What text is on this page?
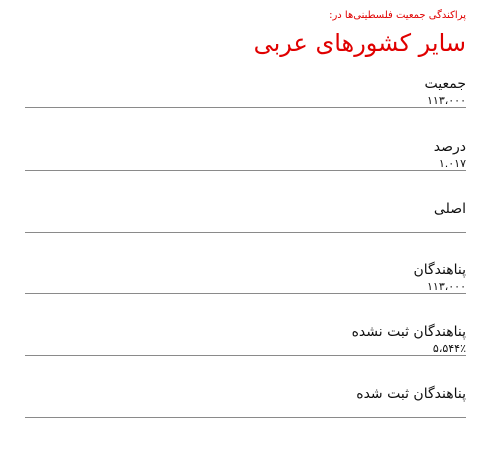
پراکندگی جمعیت فلسطینی‌ها در:
سایر کشورهای عربی
جمعیت
۱۱۳،۰۰۰
درصد
۱.۰۱۷
اصلی
پناهندگان
۱۱۳،۰۰۰
پناهندگان ثبت نشده
۵،۵۴۴٪
پناهندگان ثبت شده
